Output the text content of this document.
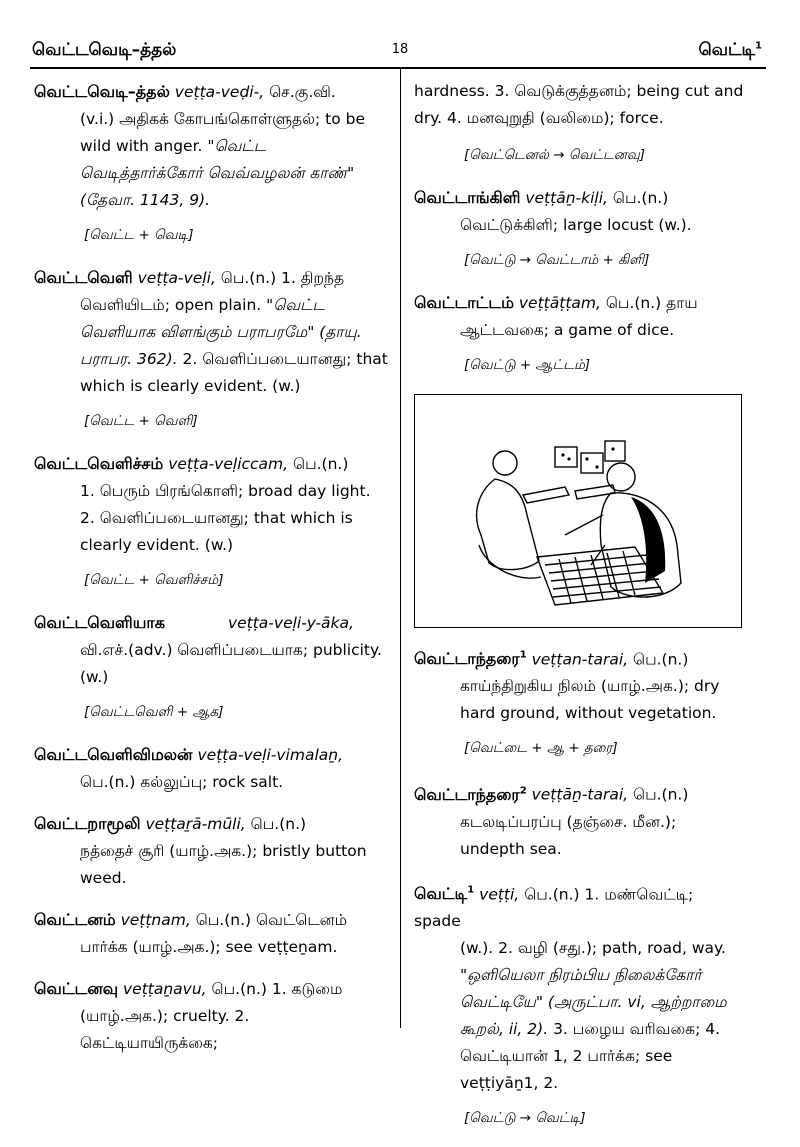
வெட்டவெடி–த்தல்	18	வெட்டி$^1$
வெட்டவெடி–த்தல் veṭṭa-veḍi-, செ.கு.வி.
(v.i.) அதிகக் கோபங்கொள்ளுதல்; to be wild with anger. "வெட்ட வெடித்தார்க்கோர் வெவ்வழலன் காண்" (தேவா. 1143, 9).
[வெட்ட + வெடி]
வெட்டவெளி veṭṭa-veḷi, பெ.(n.) 1. திறந்த
வெளியிடம்; open plain. "வெட்ட வெளியாக விளங்கும் பராபரமே" (தாயு. பராபர. 362). 2. வெளிப்படையானது; that which is clearly evident. (w.)
[வெட்ட + வெளி]
வெட்டவெளிச்சம் veṭṭa-veḷiccam, பெ.(n.)
1. பெரும் பிரங்கொளி; broad day light. 2. வெளிப்படையானது; that which is clearly evident. (w.)
[வெட்ட + வெளிச்சம்]
வெட்டவெளியாக	veṭṭa-veḷi-y-āka,
வி.எச்.(adv.) வெளிப்படையாக; publicity. (w.)
[வெட்டவெளி + ஆக]
வெட்டவெளிவிமலன் veṭṭa-veḷi-vimalaṉ,
பெ.(n.) கல்லுப்பு; rock salt.
வெட்டறாமூலி veṭṭaṟā-mūli, பெ.(n.)
நத்தைச் சூரி (யாழ்.அக.); bristly button weed.
வெட்டனம் veṭṭnam, பெ.(n.) வெட்டெனம்
பார்க்க (யாழ்.அக.); see veṭṭeṉam.
வெட்டனவு veṭṭaṉavu, பெ.(n.) 1. கடுமை
(யாழ்.அக.); cruelty. 2. கெட்டியாயிருக்கை;
hardness. 3. வெடுக்குத்தனம்; being cut and dry. 4. மனவுறுதி (வலிமை); force.
[வெட்டெனல் → வெட்டனவு]
வெட்டாங்கிளி veṭṭāṉ-kiḷi, பெ.(n.)
வெட்டுக்கிளி; large locust (w.).
[வெட்டு → வெட்டாம் + கிளி]
வெட்டாட்டம் veṭṭāṭṭam, பெ.(n.) தாய
ஆட்டவகை; a game of dice.
[வெட்டு + ஆட்டம்]
வெட்டாந்தரை$^1$ veṭṭan-tarai, பெ.(n.)
காய்ந்திறுகிய நிலம் (யாழ்.அக.); dry hard ground, without vegetation.
[வெட்டை + ஆ + தரை]
வெட்டாந்தரை$^2$ veṭṭāṉ-tarai, பெ.(n.)
கடலடிப்பரப்பு (தஞ்சை. மீன.); undepth sea.
வெட்டி$^1$ veṭṭi, பெ.(n.) 1. மண்வெட்டி; spade
(w.). 2. வழி (சது.); path, road, way. "ஒளியெலா நிரம்பிய நிலைக்கோர் வெட்டியே" (அருட்பா. vi, ஆற்றாமை கூறல், ii, 2). 3. பழைய வரிவகை; 4. வெட்டியான் 1, 2 பார்க்க; see veṭṭiyāṉ1, 2.
[வெட்டு → வெட்டி]
